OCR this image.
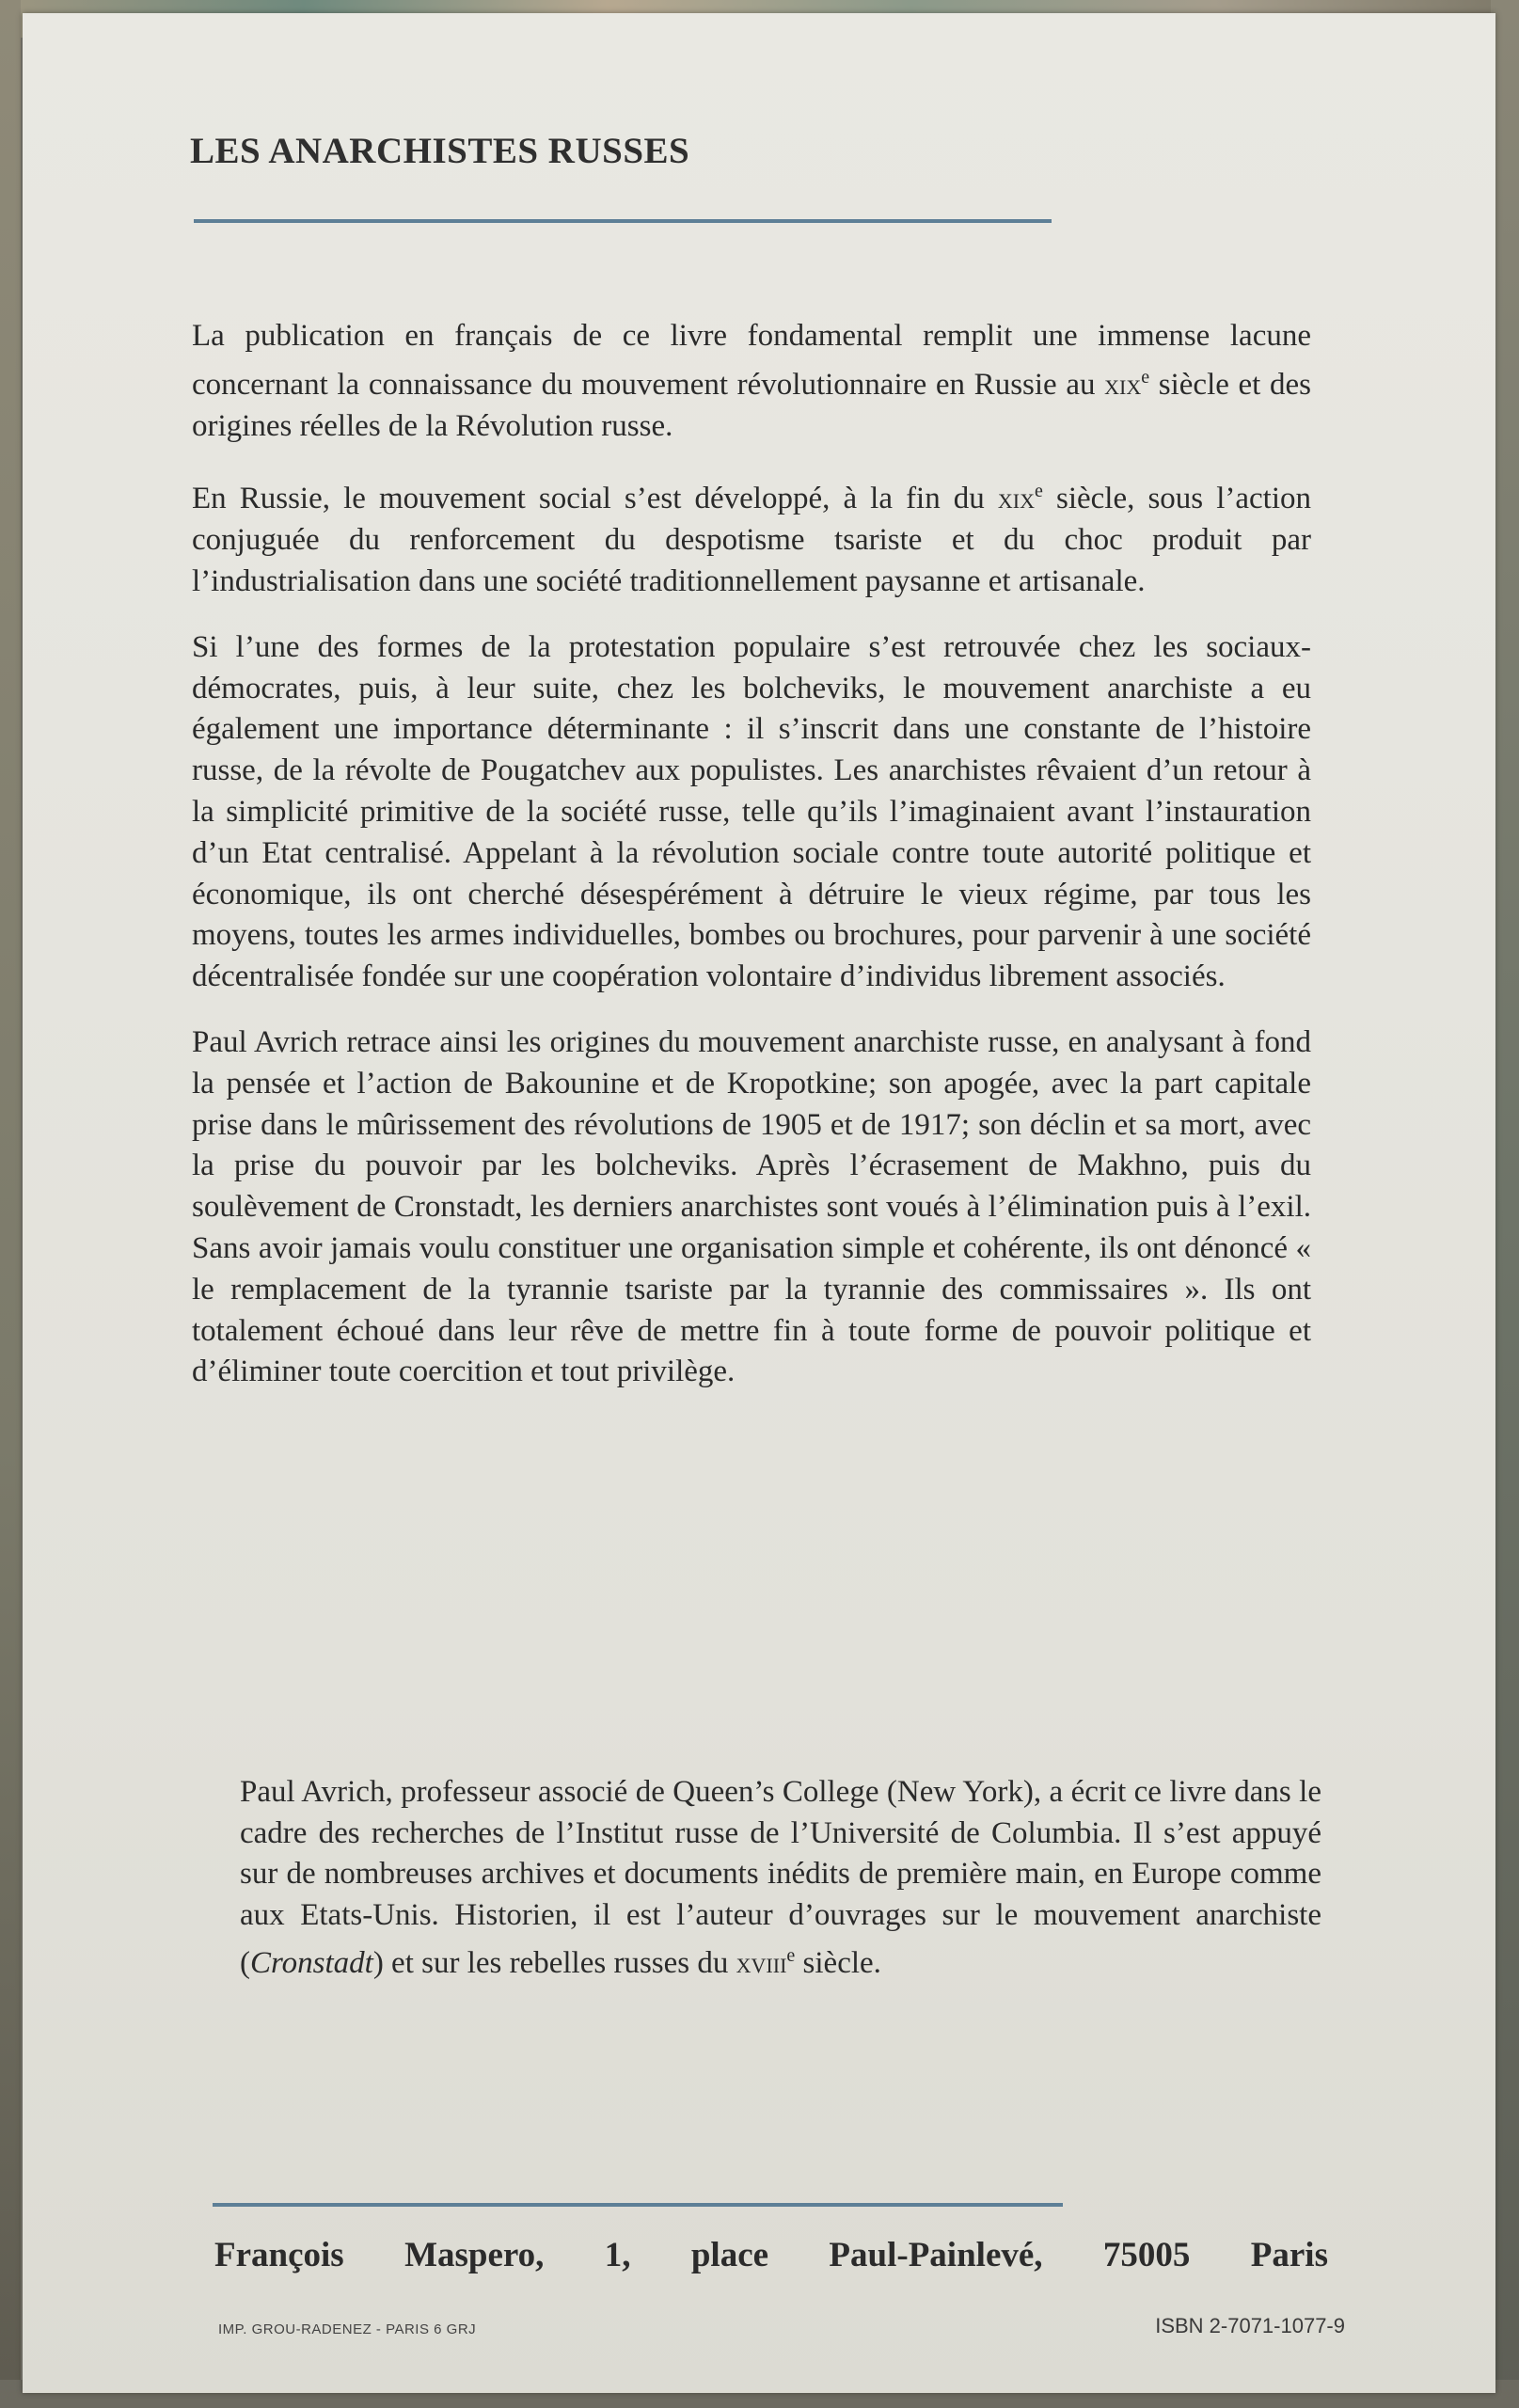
LES ANARCHISTES RUSSES

La publication en français de ce livre fondamental remplit une immense lacune concernant la connaissance du mouvement révolutionnaire en Russie au xix$^e$ siècle et des origines réelles de la Révolution russe.

En Russie, le mouvement social s’est développé, à la fin du xix$^e$ siècle, sous l’action conjuguée du renforcement du despotisme tsariste et du choc produit par l’industrialisation dans une société traditionnellement paysanne et artisanale.

Si l’une des formes de la protestation populaire s’est retrouvée chez les sociaux-démocrates, puis, à leur suite, chez les bolcheviks, le mouvement anarchiste a eu également une importance déterminante : il s’inscrit dans une constante de l’histoire russe, de la révolte de Pougatchev aux populistes. Les anarchistes rêvaient d’un retour à la simplicité primitive de la société russe, telle qu’ils l’imaginaient avant l’instauration d’un Etat centralisé. Appelant à la révolution sociale contre toute autorité politique et économique, ils ont cherché désespérément à détruire le vieux régime, par tous les moyens, toutes les armes individuelles, bombes ou brochures, pour parvenir à une société décentralisée fondée sur une coopération volontaire d’individus librement associés.

Paul Avrich retrace ainsi les origines du mouvement anarchiste russe, en analysant à fond la pensée et l’action de Bakounine et de Kropotkine; son apogée, avec la part capitale prise dans le mûrissement des révolutions de 1905 et de 1917; son déclin et sa mort, avec la prise du pouvoir par les bolcheviks. Après l’écrasement de Makhno, puis du soulèvement de Cronstadt, les derniers anarchistes sont voués à l’élimination puis à l’exil. Sans avoir jamais voulu constituer une organisation simple et cohérente, ils ont dénoncé « le remplacement de la tyrannie tsariste par la tyrannie des commissaires ». Ils ont totalement échoué dans leur rêve de mettre fin à toute forme de pouvoir politique et d’éliminer toute coercition et tout privilège.

Paul Avrich, professeur associé de Queen’s College (New York), a écrit ce livre dans le cadre des recherches de l’Institut russe de l’Université de Columbia. Il s’est appuyé sur de nombreuses archives et documents inédits de première main, en Europe comme aux Etats-Unis. Historien, il est l’auteur d’ouvrages sur le mouvement anarchiste (Cronstadt) et sur les rebelles russes du xviii$^e$ siècle.

François Maspero, 1, place Paul-Painlevé, 75005 Paris
IMP. GROU-RADENEZ - PARIS 6 GRJ	ISBN 2-7071-1077-9
